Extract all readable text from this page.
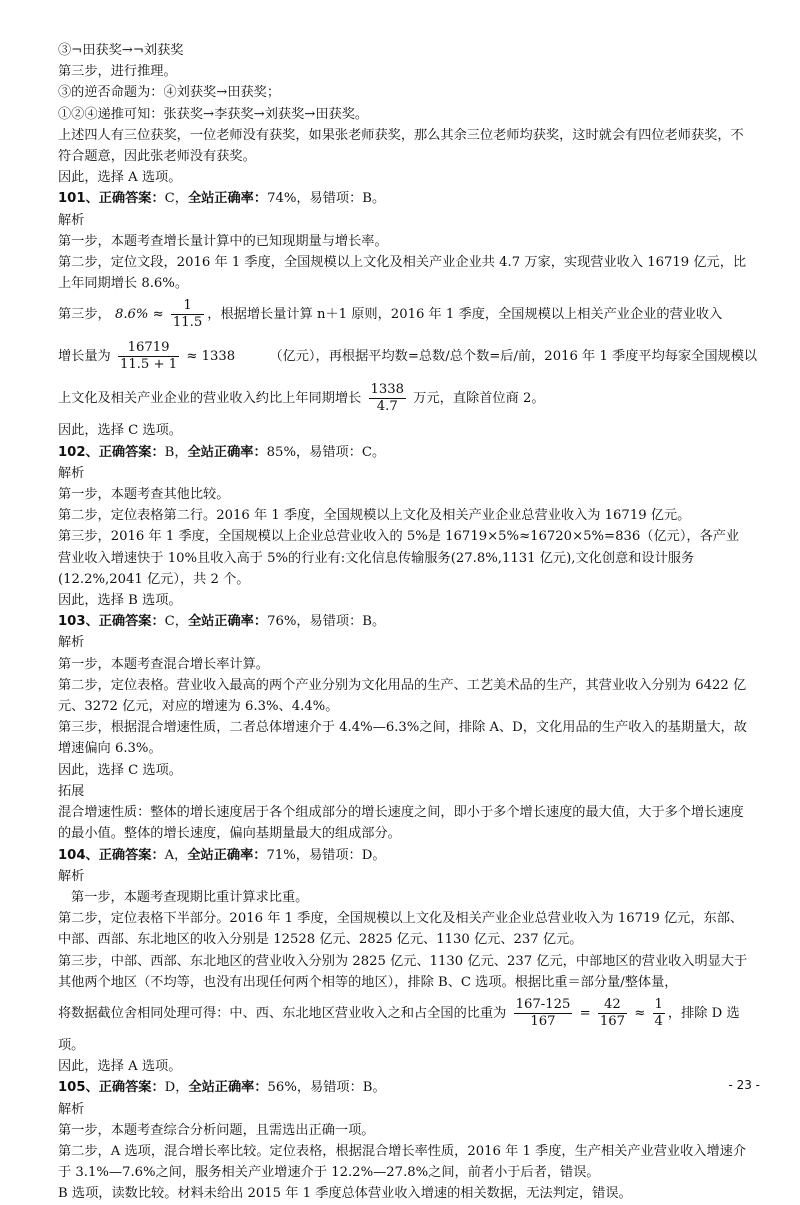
③¬田获奖→¬刘获奖
第三步，进行推理。
③的逆否命题为：④刘获奖→田获奖；
①②④递推可知：张获奖→李获奖→刘获奖→田获奖。
上述四人有三位获奖，一位老师没有获奖，如果张老师获奖，那么其余三位老师均获奖，这时就会有四位老师获奖，不符合题意，因此张老师没有获奖。
因此，选择 A 选项。
101、正确答案：C，全站正确率：74%，易错项：B。
解析
第一步，本题考查增长量计算中的已知现期量与增长率。
第二步，定位文段，2016 年 1 季度，全国规模以上文化及相关产业企业共 4.7 万家，实现营业收入 16719 亿元，比上年同期增长 8.6%。
第三步， $8.6\% \approx \frac{1}{11.5}$ ，根据增长量计算 n＋1 原则，2016 年 1 季度，全国规模以上相关产业企业的营业收入
增长量为 $\frac{16719}{11.5 + 1} \approx 1338$	（亿元），再根据平均数=总数/总个数=后/前，2016 年 1 季度平均每家全国规模以
上文化及相关产业企业的营业收入约比上年同期增长 $\frac{1338}{4.7}$ 万元，直除首位商 2。
因此，选择 C 选项。
102、正确答案：B，全站正确率：85%，易错项：C。
解析
第一步，本题考查其他比较。
第二步，定位表格第二行。2016 年 1 季度，全国规模以上文化及相关产业企业总营业收入为 16719 亿元。
第三步，2016 年 1 季度，全国规模以上企业总营业收入的 5%是 16719×5%≈16720×5%=836（亿元），各产业营业收入增速快于 10%且收入高于 5%的行业有:文化信息传输服务(27.8%,1131 亿元),文化创意和设计服务(12.2%,2041 亿元），共 2 个。
因此，选择 B 选项。
103、正确答案：C，全站正确率：76%，易错项：B。
解析
第一步，本题考查混合增长率计算。
第二步，定位表格。营业收入最高的两个产业分别为文化用品的生产、工艺美术品的生产，其营业收入分别为 6422 亿元、3272 亿元，对应的增速为 6.3%、4.4%。
第三步，根据混合增速性质，二者总体增速介于 4.4%—6.3%之间，排除 A、D，文化用品的生产收入的基期量大，故增速偏向 6.3%。
因此，选择 C 选项。
拓展
混合增速性质：整体的增长速度居于各个组成部分的增长速度之间，即小于多个增长速度的最大值，大于多个增长速度的最小值。整体的增长速度，偏向基期量最大的组成部分。
104、正确答案：A，全站正确率：71%，易错项：D。
解析
第一步，本题考查现期比重计算求比重。
第二步，定位表格下半部分。2016 年 1 季度，全国规模以上文化及相关产业企业总营业收入为 16719 亿元，东部、中部、西部、东北地区的收入分别是 12528 亿元、2825 亿元、1130 亿元、237 亿元。
第三步，中部、西部、东北地区的营业收入分别为 2825 亿元、1130 亿元、237 亿元，中部地区的营业收入明显大于其他两个地区（不均等，也没有出现任何两个相等的地区），排除 B、C 选项。根据比重＝部分量/整体量，
将数据截位舍相同处理可得：中、西、东北地区营业收入之和占全国的比重为 $\frac{167-125}{167} = \frac{42}{167} \approx \frac{1}{4}$ ，排除 D 选
项。
因此，选择 A 选项。
105、正确答案：D，全站正确率：56%，易错项：B。
解析
第一步，本题考查综合分析问题，且需选出正确一项。
第二步，A 选项，混合增长率比较。定位表格，根据混合增长率性质，2016 年 1 季度，生产相关产业营业收入增速介于 3.1%—7.6%之间，服务相关产业增速介于 12.2%—27.8%之间，前者小于后者，错误。
B 选项，读数比较。材料未给出 2015 年 1 季度总体营业收入增速的相关数据，无法判定，错误。
- 23 -
